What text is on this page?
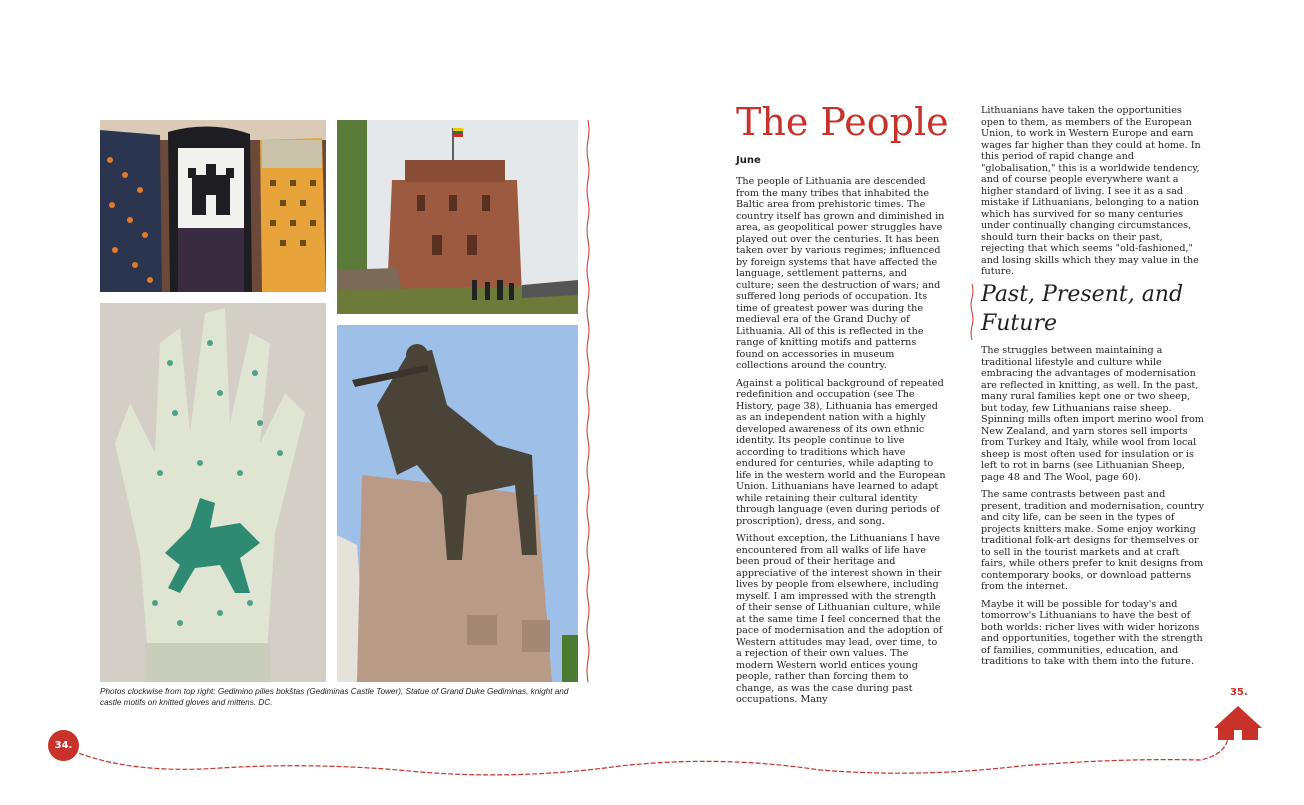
Photos clockwise from top right: Gedimino pilies bokštas (Gediminas Castle Tower), Statue of Grand Duke Gediminas, knight and castle motifs on knitted gloves and mittens. DC.

The People
June

The people of Lithuania are descended from the many tribes that inhabited the Baltic area from prehistoric times. The country itself has grown and diminished in area, as geopolitical power struggles have played out over the centuries. It has been taken over by various regimes; influenced by foreign systems that have affected the language, settlement patterns, and culture; seen the destruction of wars; and suffered long periods of occupation. Its time of greatest power was during the medieval era of the Grand Duchy of Lithuania. All of this is reflected in the range of knitting motifs and patterns found on accessories in museum collections around the country.

Against a political background of repeated redefinition and occupation (see The History, page 38), Lithuania has emerged as an independent nation with a highly developed awareness of its own ethnic identity. Its people continue to live according to traditions which have endured for centuries, while adapting to life in the western world and the European Union. Lithuanians have learned to adapt while retaining their cultural identity through language (even during periods of proscription), dress, and song.

Without exception, the Lithuanians I have encountered from all walks of life have been proud of their heritage and appreciative of the interest shown in their lives by people from elsewhere, including myself. I am impressed with the strength of their sense of Lithuanian culture, while at the same time I feel concerned that the pace of modernisation and the adoption of Western attitudes may lead, over time, to a rejection of their own values. The modern Western world entices young people, rather than forcing them to change, as was the case during past occupations. Many

Lithuanians have taken the opportunities open to them, as members of the European Union, to work in Western Europe and earn wages far higher than they could at home. In this period of rapid change and "globalisation," this is a worldwide tendency, and of course people everywhere want a higher standard of living. I see it as a sad mistake if Lithuanians, belonging to a nation which has survived for so many centuries under continually changing circumstances, should turn their backs on their past, rejecting that which seems "old-fashioned," and losing skills which they may value in the future.

Past, Present, and Future

The struggles between maintaining a traditional lifestyle and culture while embracing the advantages of modernisation are reflected in knitting, as well. In the past, many rural families kept one or two sheep, but today, few Lithuanians raise sheep. Spinning mills often import merino wool from New Zealand, and yarn stores sell imports from Turkey and Italy, while wool from local sheep is most often used for insulation or is left to rot in barns (see Lithuanian Sheep, page 48 and The Wool, page 60).

The same contrasts between past and present, tradition and modernisation, country and city life, can be seen in the types of projects knitters make. Some enjoy working traditional folk-art designs for themselves or to sell in the tourist markets and at craft fairs, while others prefer to knit designs from contemporary books, or download patterns from the internet.

Maybe it will be possible for today's and tomorrow's Lithuanians to have the best of both worlds: richer lives with wider horizons and opportunities, together with the strength of families, communities, education, and traditions to take with them into the future.

34.
35.
